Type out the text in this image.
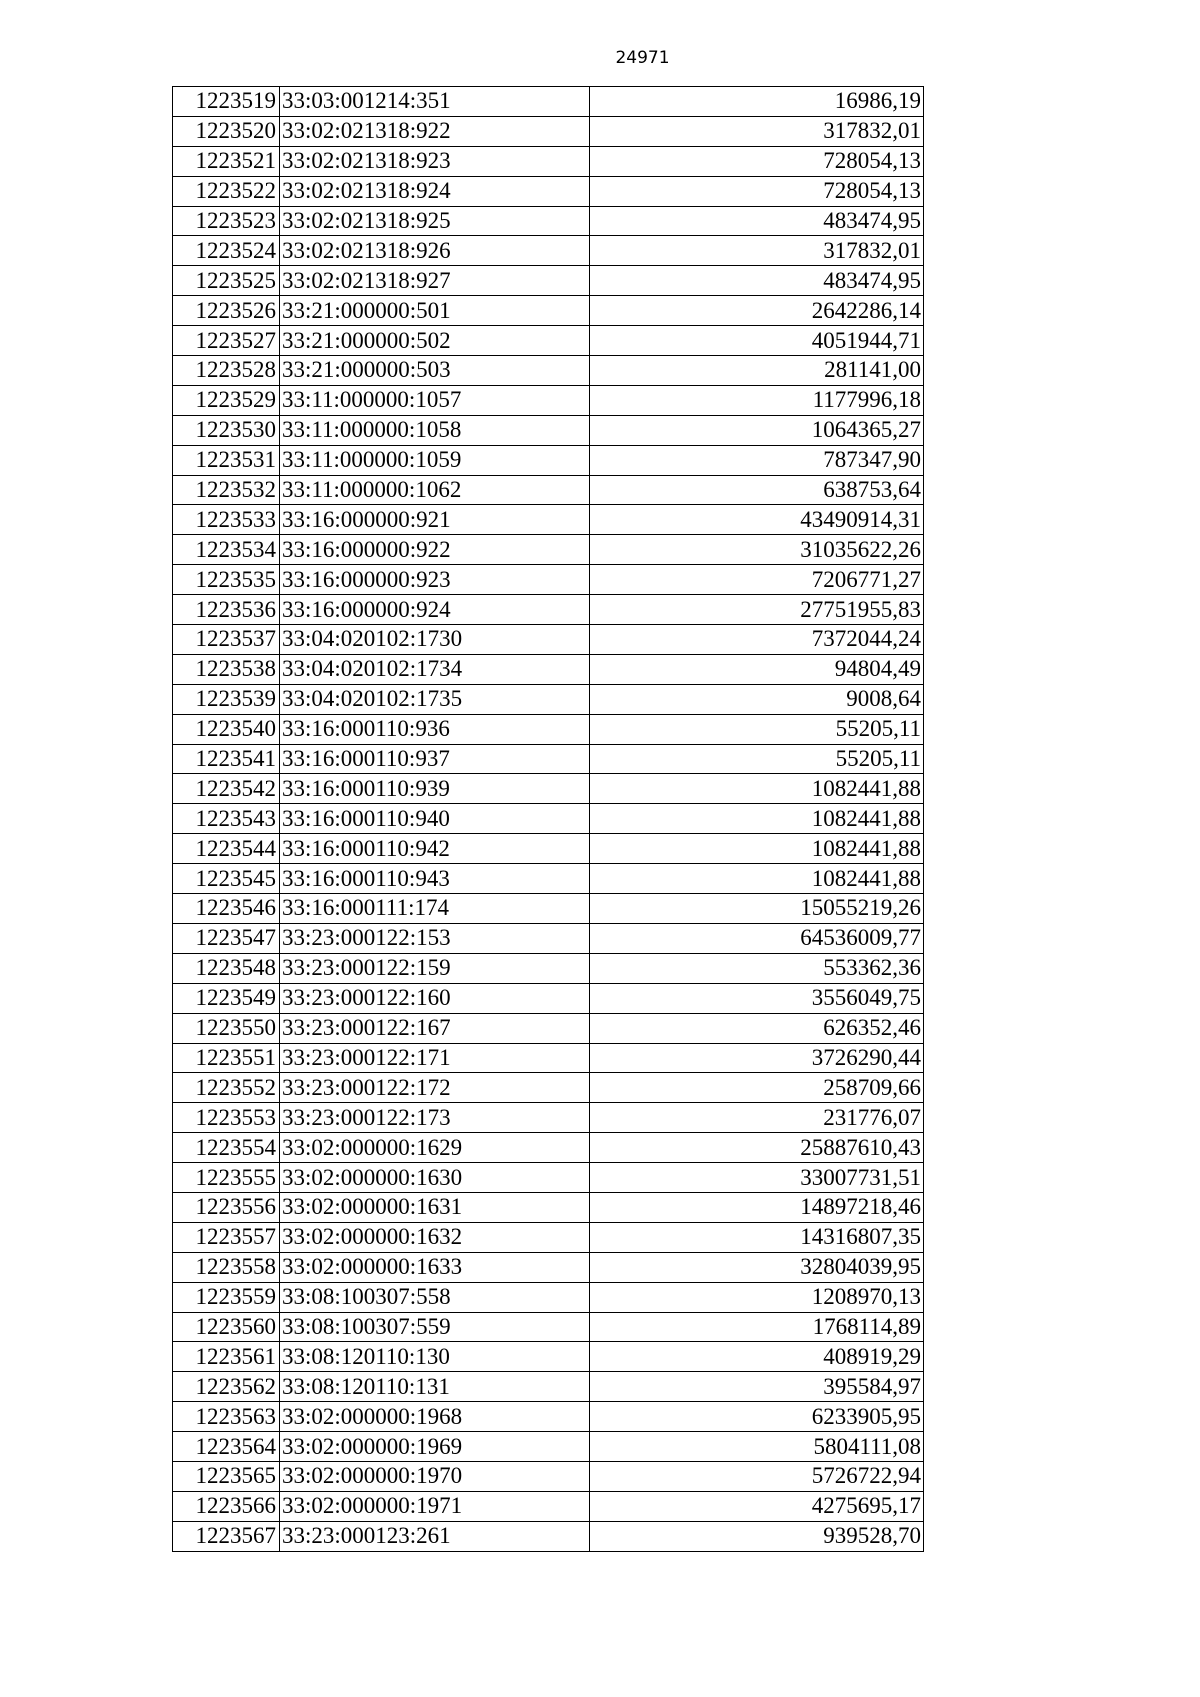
24971
1223519	33:03:001214:351	16986,19
1223520	33:02:021318:922	317832,01
1223521	33:02:021318:923	728054,13
1223522	33:02:021318:924	728054,13
1223523	33:02:021318:925	483474,95
1223524	33:02:021318:926	317832,01
1223525	33:02:021318:927	483474,95
1223526	33:21:000000:501	2642286,14
1223527	33:21:000000:502	4051944,71
1223528	33:21:000000:503	281141,00
1223529	33:11:000000:1057	1177996,18
1223530	33:11:000000:1058	1064365,27
1223531	33:11:000000:1059	787347,90
1223532	33:11:000000:1062	638753,64
1223533	33:16:000000:921	43490914,31
1223534	33:16:000000:922	31035622,26
1223535	33:16:000000:923	7206771,27
1223536	33:16:000000:924	27751955,83
1223537	33:04:020102:1730	7372044,24
1223538	33:04:020102:1734	94804,49
1223539	33:04:020102:1735	9008,64
1223540	33:16:000110:936	55205,11
1223541	33:16:000110:937	55205,11
1223542	33:16:000110:939	1082441,88
1223543	33:16:000110:940	1082441,88
1223544	33:16:000110:942	1082441,88
1223545	33:16:000110:943	1082441,88
1223546	33:16:000111:174	15055219,26
1223547	33:23:000122:153	64536009,77
1223548	33:23:000122:159	553362,36
1223549	33:23:000122:160	3556049,75
1223550	33:23:000122:167	626352,46
1223551	33:23:000122:171	3726290,44
1223552	33:23:000122:172	258709,66
1223553	33:23:000122:173	231776,07
1223554	33:02:000000:1629	25887610,43
1223555	33:02:000000:1630	33007731,51
1223556	33:02:000000:1631	14897218,46
1223557	33:02:000000:1632	14316807,35
1223558	33:02:000000:1633	32804039,95
1223559	33:08:100307:558	1208970,13
1223560	33:08:100307:559	1768114,89
1223561	33:08:120110:130	408919,29
1223562	33:08:120110:131	395584,97
1223563	33:02:000000:1968	6233905,95
1223564	33:02:000000:1969	5804111,08
1223565	33:02:000000:1970	5726722,94
1223566	33:02:000000:1971	4275695,17
1223567	33:23:000123:261	939528,70
